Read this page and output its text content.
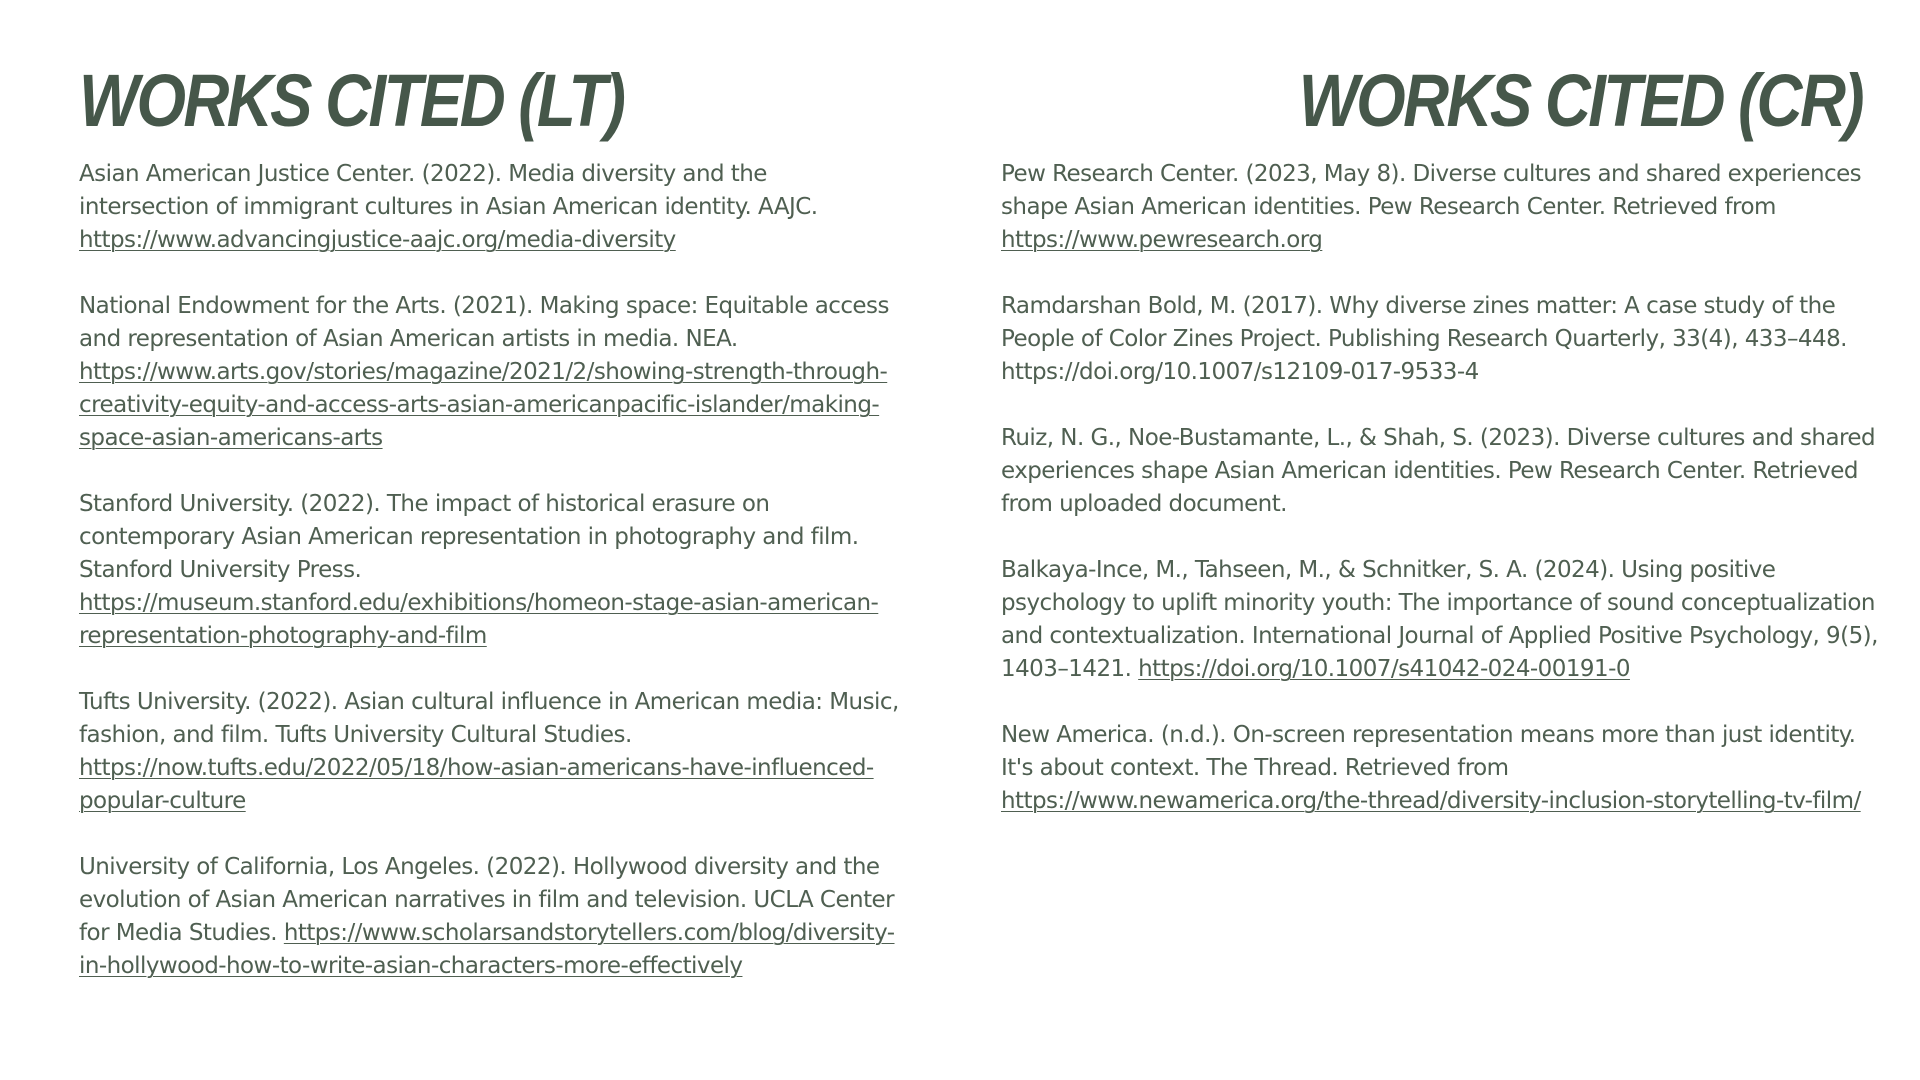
WORKS CITED (LT)

Asian American Justice Center. (2022). Media diversity and the intersection of immigrant cultures in Asian American identity. AAJC. https://www.advancingjustice-aajc.org/media-diversity

National Endowment for the Arts. (2021). Making space: Equitable access and representation of Asian American artists in media. NEA. https://www.arts.gov/stories/magazine/2021/2/showing-strength-through-creativity-equity-and-access-arts-asian-americanpacific-islander/making-space-asian-americans-arts

Stanford University. (2022). The impact of historical erasure on contemporary Asian American representation in photography and film. Stanford University Press. https://museum.stanford.edu/exhibitions/homeon-stage-asian-american-representation-photography-and-film

Tufts University. (2022). Asian cultural influence in American media: Music, fashion, and film. Tufts University Cultural Studies. https://now.tufts.edu/2022/05/18/how-asian-americans-have-influenced-popular-culture

University of California, Los Angeles. (2022). Hollywood diversity and the evolution of Asian American narratives in film and television. UCLA Center for Media Studies. https://www.scholarsandstorytellers.com/blog/diversity-in-hollywood-how-to-write-asian-characters-more-effectively

WORKS CITED (CR)

Pew Research Center. (2023, May 8). Diverse cultures and shared experiences shape Asian American identities. Pew Research Center. Retrieved from https://www.pewresearch.org

Ramdarshan Bold, M. (2017). Why diverse zines matter: A case study of the People of Color Zines Project. Publishing Research Quarterly, 33(4), 433–448. https://doi.org/10.1007/s12109-017-9533-4

Ruiz, N. G., Noe-Bustamante, L., & Shah, S. (2023). Diverse cultures and shared experiences shape Asian American identities. Pew Research Center. Retrieved from uploaded document.

Balkaya-Ince, M., Tahseen, M., & Schnitker, S. A. (2024). Using positive psychology to uplift minority youth: The importance of sound conceptualization and contextualization. International Journal of Applied Positive Psychology, 9(5), 1403–1421. https://doi.org/10.1007/s41042-024-00191-0

New America. (n.d.). On-screen representation means more than just identity. It's about context. The Thread. Retrieved from https://www.newamerica.org/the-thread/diversity-inclusion-storytelling-tv-film/
